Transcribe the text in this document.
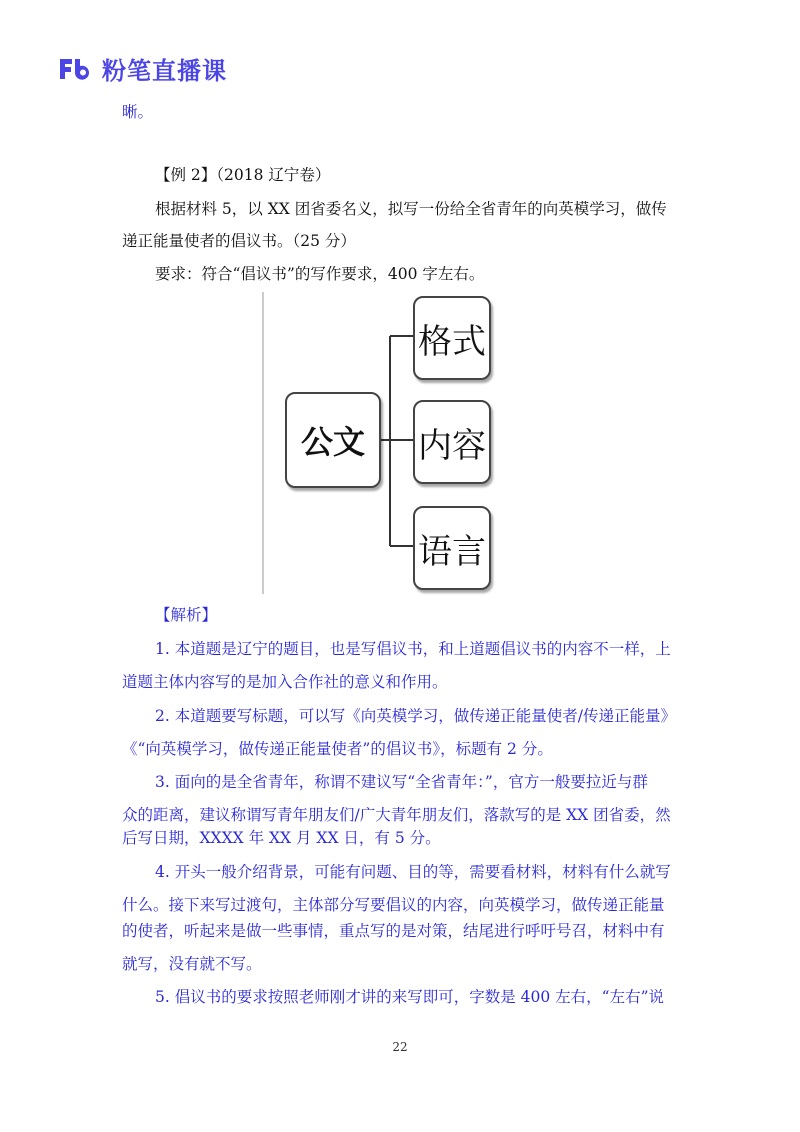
粉笔直播课
晰。
【例 2】（2018 辽宁卷）
根据材料 5，以 XX 团省委名义，拟写一份给全省青年的向英模学习，做传
递正能量使者的倡议书。（25 分）
要求：符合“倡议书”的写作要求，400 字左右。
公文
格式
内容
语言
【解析】
1. 本道题是辽宁的题目，也是写倡议书，和上道题倡议书的内容不一样，上
道题主体内容写的是加入合作社的意义和作用。
2. 本道题要写标题，可以写《向英模学习，做传递正能量使者/传递正能量》
《“向英模学习，做传递正能量使者”的倡议书》，标题有 2 分。
3. 面向的是全省青年，称谓不建议写“全省青年：”，官方一般要拉近与群
众的距离，建议称谓写青年朋友们/广大青年朋友们，落款写的是 XX 团省委，然
后写日期，XXXX 年 XX 月 XX 日，有 5 分。
4. 开头一般介绍背景，可能有问题、目的等，需要看材料，材料有什么就写
什么。接下来写过渡句，主体部分写要倡议的内容，向英模学习，做传递正能量
的使者，听起来是做一些事情，重点写的是对策，结尾进行呼吁号召，材料中有
就写，没有就不写。
5. 倡议书的要求按照老师刚才讲的来写即可，字数是 400 左右，“左右”说
22
